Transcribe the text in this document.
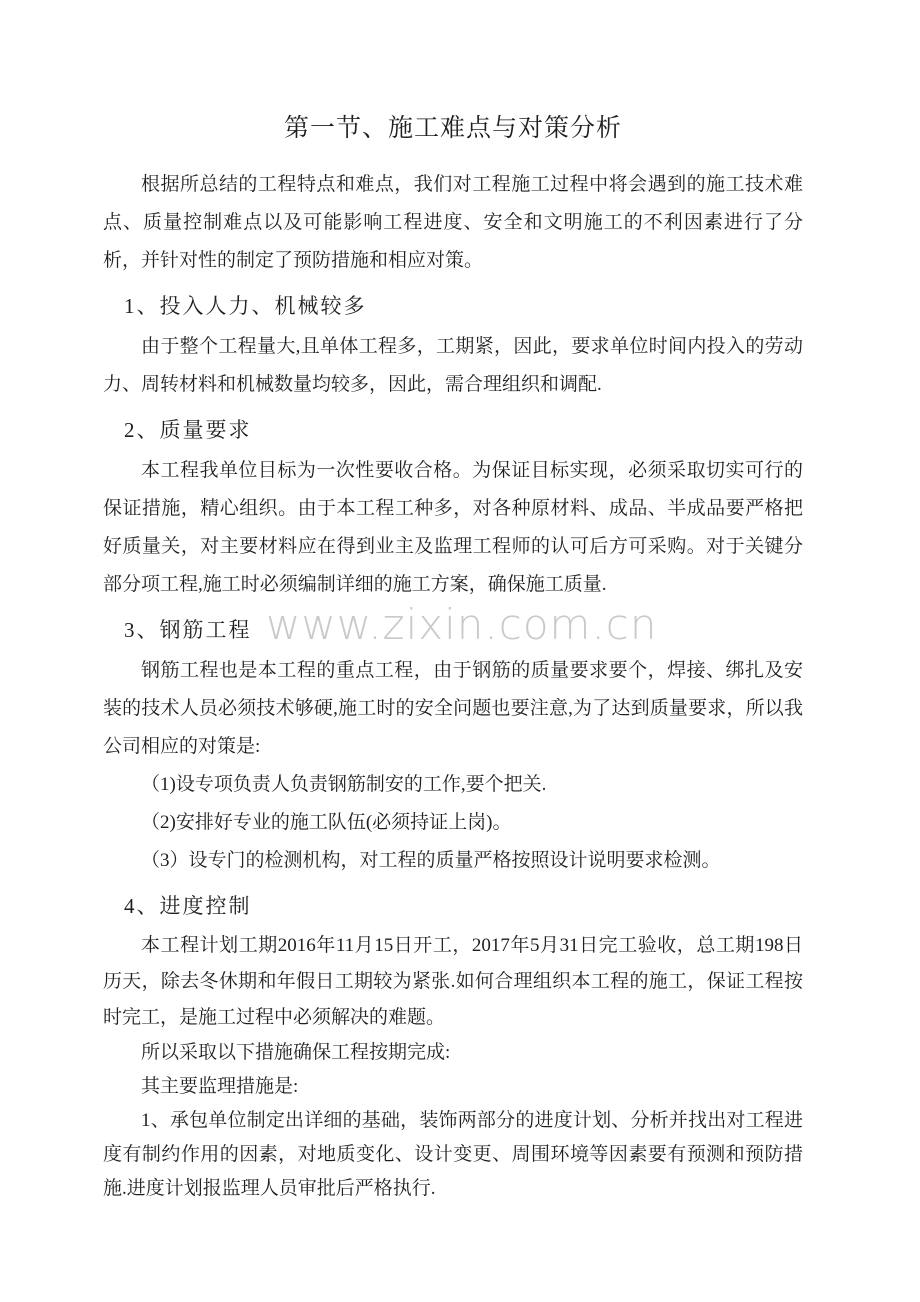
www.zixin.com.cn
第一节、施工难点与对策分析

根据所总结的工程特点和难点，我们对工程施工过程中将会遇到的施工技术难点、质量控制难点以及可能影响工程进度、安全和文明施工的不利因素进行了分析，并针对性的制定了预防措施和相应对策。

1、投入人力、机械较多

由于整个工程量大,且单体工程多，工期紧，因此，要求单位时间内投入的劳动力、周转材料和机械数量均较多，因此，需合理组织和调配.

2、质量要求

本工程我单位目标为一次性要收合格。为保证目标实现，必须采取切实可行的保证措施，精心组织。由于本工程工种多，对各种原材料、成品、半成品要严格把好质量关，对主要材料应在得到业主及监理工程师的认可后方可采购。对于关键分部分项工程,施工时必须编制详细的施工方案，确保施工质量.

3、钢筋工程

钢筋工程也是本工程的重点工程，由于钢筋的质量要求要个，焊接、绑扎及安装的技术人员必须技术够硬,施工时的安全问题也要注意,为了达到质量要求，所以我公司相应的对策是:

（1)设专项负责人负责钢筋制安的工作,要个把关.
（2)安排好专业的施工队伍(必须持证上岗)。
（3）设专门的检测机构，对工程的质量严格按照设计说明要求检测。
4、进度控制

本工程计划工期2016年11月15日开工，2017年5月31日完工验收，总工期198日历天，除去冬休期和年假日工期较为紧张.如何合理组织本工程的施工，保证工程按时完工，是施工过程中必须解决的难题。

所以采取以下措施确保工程按期完成:

其主要监理措施是:

1、承包单位制定出详细的基础，装饰两部分的进度计划、分析并找出对工程进度有制约作用的因素，对地质变化、设计变更、周围环境等因素要有预测和预防措施.进度计划报监理人员审批后严格执行.
